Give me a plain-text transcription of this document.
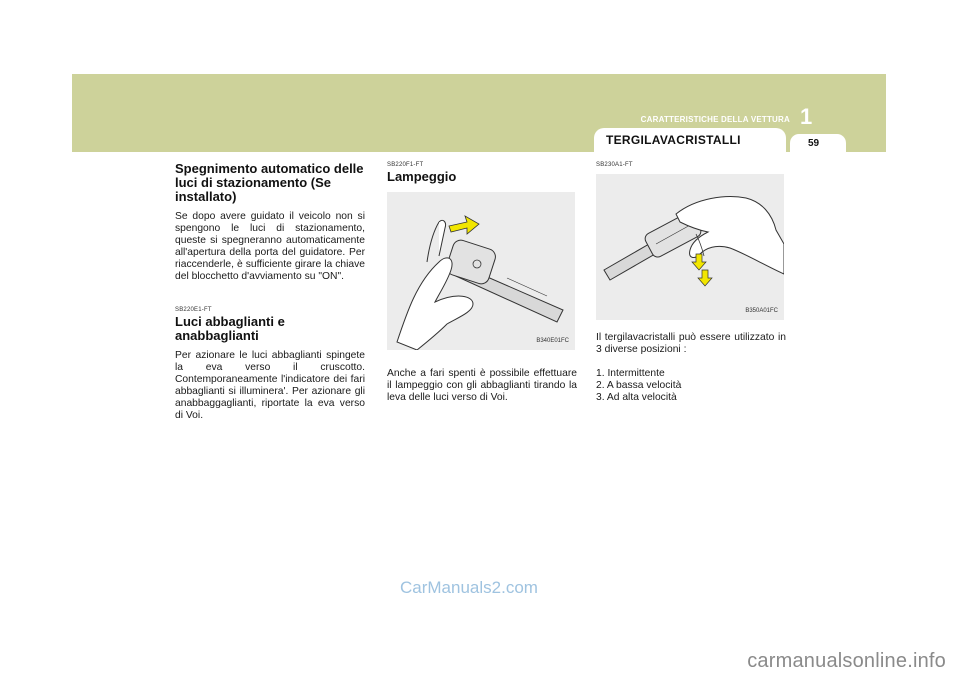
CARATTERISTICHE DELLA VETTURA 1
TERGILAVACRISTALLI	59
Spegnimento automatico delle luci di stazionamento (Se installato)

Se dopo avere guidato il veicolo non si spengono le luci di stazionamento, queste si spegneranno automaticamente all'apertura della porta del guidatore. Per riaccenderle, è sufficiente girare la chiave del blocchetto d'avviamento su "ON".

SB220E1-FT
Luci abbaglianti e anabbaglianti

Per azionare le luci abbaglianti spingete la eva verso il cruscotto. Contemporaneamente l'indicatore dei fari abbaglianti si illuminera'. Per azionare gli anabbaggaglianti, riportate la eva verso di Voi.

SB220F1-FT
Lampeggio
B340E01FC

Anche a fari spenti è possibile effettuare il lampeggio con gli abbaglianti tirando la leva delle luci verso di Voi.

SB230A1-FT
B350A01FC

Il tergilavacristalli può essere utilizzato in 3 diverse posizioni :

1. Intermittente
2. A bassa velocità
3. Ad alta velocità
CarManuals2.com
carmanualsonline.info
